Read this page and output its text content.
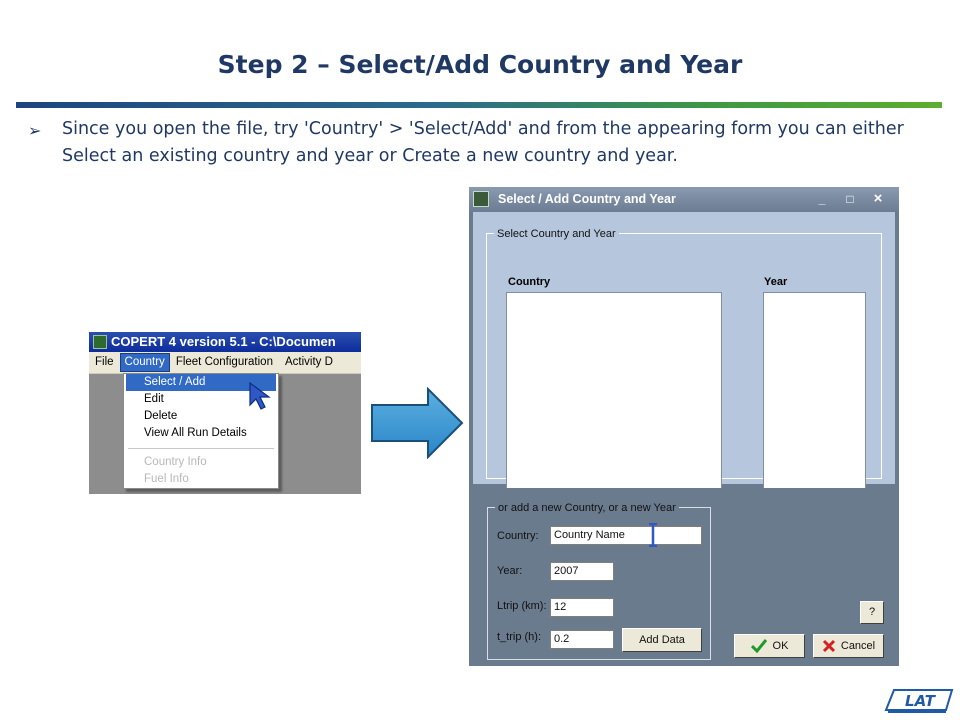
Step 2 – Select/Add Country and Year
➢ Since you open the file, try 'Country' > 'Select/Add' and from the appearing form you can either Select an existing country and year or Create a new country and year.
COPERT 4 version 5.1 - C:\Documen
File Country Fleet Configuration Activity D
Select / Add
Edit
Delete
View All Run Details
Country Info
Fuel Info
Select / Add Country and Year	_	□	×
Select Country and Year
Country	Year
or add a new Country, or a new Year
Country:	Country Name
Year:	2007
Ltrip (km): 12
t_trip (h):	0.2	Add Data
?
OK	Cancel
LAT
